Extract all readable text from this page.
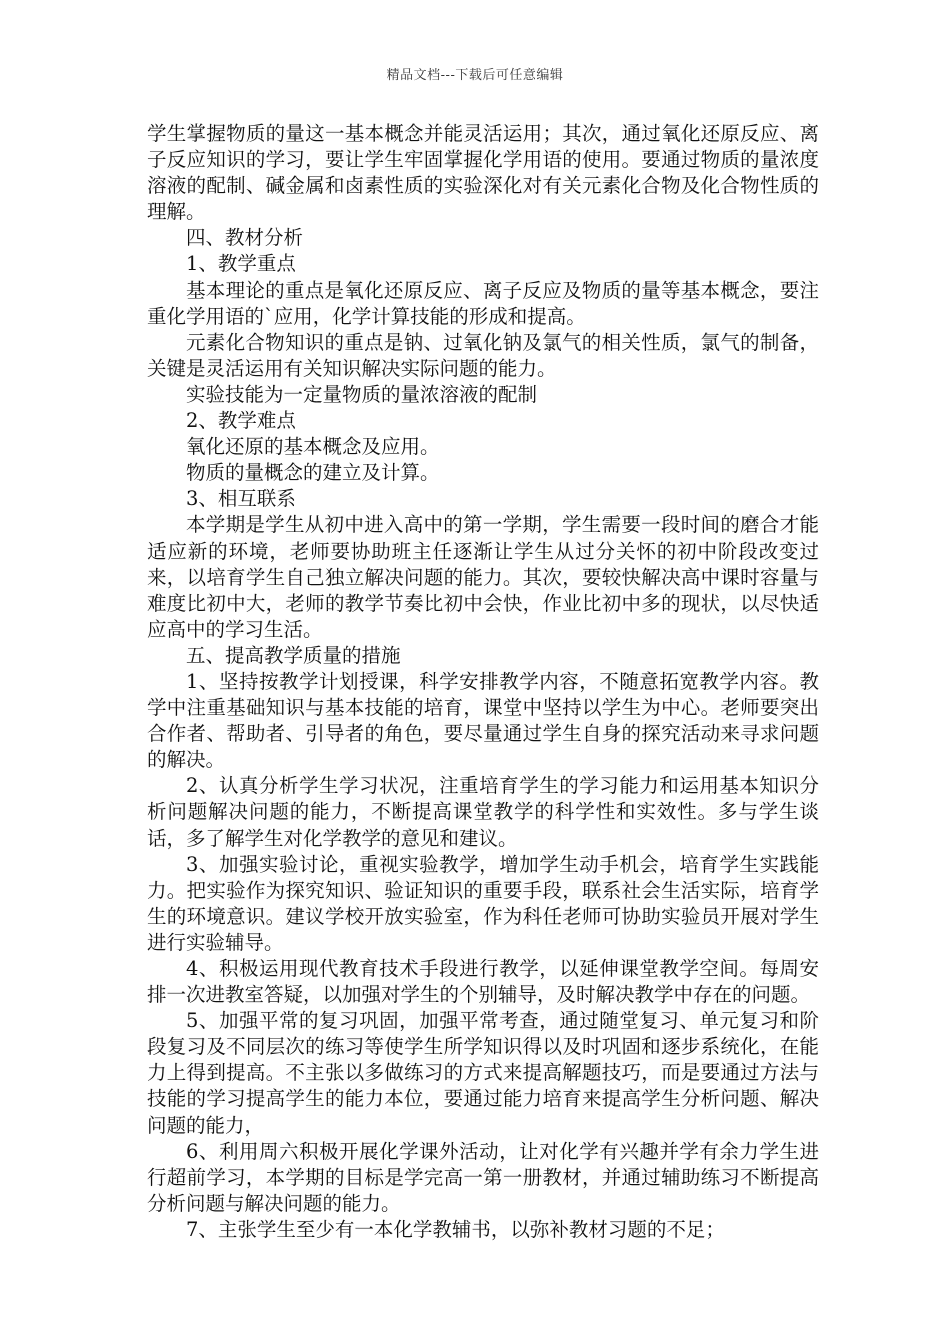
精品文档---下载后可任意编辑

学生掌握物质的量这一基本概念并能灵活运用；其次，通过氧化还原反应、离子反应知识的学习，要让学生牢固掌握化学用语的使用。要通过物质的量浓度溶液的配制、碱金属和卤素性质的实验深化对有关元素化合物及化合物性质的理解。

四、教材分析

1、教学重点

基本理论的重点是氧化还原反应、离子反应及物质的量等基本概念，要注重化学用语的`应用，化学计算技能的形成和提高。

元素化合物知识的重点是钠、过氧化钠及氯气的相关性质，氯气的制备，关键是灵活运用有关知识解决实际问题的能力。

实验技能为一定量物质的量浓溶液的配制

2、教学难点

氧化还原的基本概念及应用。

物质的量概念的建立及计算。

3、相互联系

本学期是学生从初中进入高中的第一学期，学生需要一段时间的磨合才能适应新的环境，老师要协助班主任逐渐让学生从过分关怀的初中阶段改变过来，以培育学生自己独立解决问题的能力。其次，要较快解决高中课时容量与难度比初中大，老师的教学节奏比初中会快，作业比初中多的现状，以尽快适应高中的学习生活。

五、提高教学质量的措施

1、坚持按教学计划授课，科学安排教学内容，不随意拓宽教学内容。教学中注重基础知识与基本技能的培育，课堂中坚持以学生为中心。老师要突出合作者、帮助者、引导者的角色，要尽量通过学生自身的探究活动来寻求问题的解决。

2、认真分析学生学习状况，注重培育学生的学习能力和运用基本知识分析问题解决问题的能力，不断提高课堂教学的科学性和实效性。多与学生谈话，多了解学生对化学教学的意见和建议。

3、加强实验讨论，重视实验教学，增加学生动手机会，培育学生实践能力。把实验作为探究知识、验证知识的重要手段，联系社会生活实际，培育学生的环境意识。建议学校开放实验室，作为科任老师可协助实验员开展对学生进行实验辅导。

4、积极运用现代教育技术手段进行教学，以延伸课堂教学空间。每周安排一次进教室答疑，以加强对学生的个别辅导，及时解决教学中存在的问题。

5、加强平常的复习巩固，加强平常考查，通过随堂复习、单元复习和阶段复习及不同层次的练习等使学生所学知识得以及时巩固和逐步系统化，在能力上得到提高。不主张以多做练习的方式来提高解题技巧，而是要通过方法与技能的学习提高学生的能力本位，要通过能力培育来提高学生分析问题、解决问题的能力，

6、利用周六积极开展化学课外活动，让对化学有兴趣并学有余力学生进行超前学习，本学期的目标是学完高一第一册教材，并通过辅助练习不断提高分析问题与解决问题的能力。

7、主张学生至少有一本化学教辅书，以弥补教材习题的不足；
